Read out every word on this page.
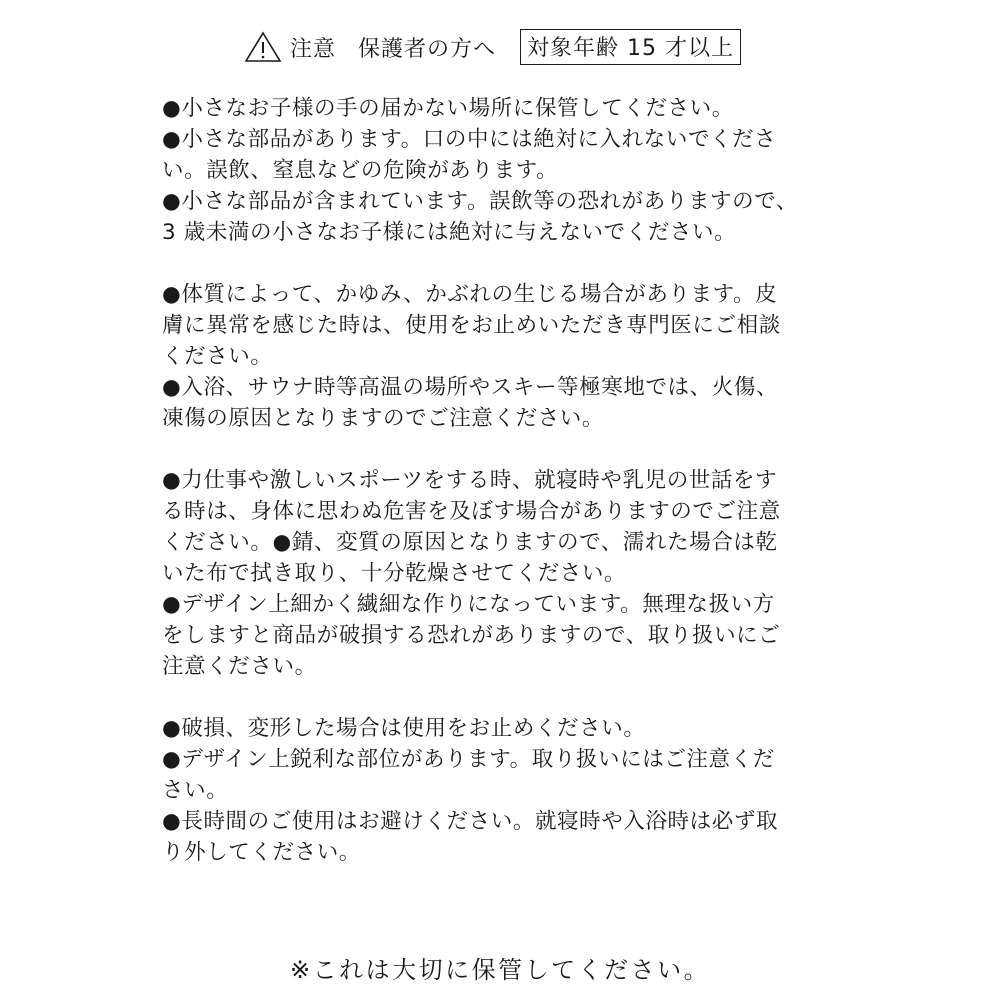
注意 保護者の方へ	対象年齢 15 才以上
●小さなお子様の手の届かない場所に保管してください。
●小さな部品があります。口の中には絶対に入れないでくださ
い。誤飲、窒息などの危険があります。
●小さな部品が含まれています。誤飲等の恐れがありますので、
3 歳未満の小さなお子様には絶対に与えないでください。
●体質によって、かゆみ、かぶれの生じる場合があります。皮
膚に異常を感じた時は、使用をお止めいただき専門医にご相談
ください。
●入浴、サウナ時等高温の場所やスキー等極寒地では、火傷、
凍傷の原因となりますのでご注意ください。
●力仕事や激しいスポーツをする時、就寝時や乳児の世話をす
る時は、身体に思わぬ危害を及ぼす場合がありますのでご注意
ください。●錆、変質の原因となりますので、濡れた場合は乾
いた布で拭き取り、十分乾燥させてください。
●デザイン上細かく繊細な作りになっています。無理な扱い方
をしますと商品が破損する恐れがありますので、取り扱いにご
注意ください。
●破損、変形した場合は使用をお止めください。
●デザイン上鋭利な部位があります。取り扱いにはご注意くだ
さい。
●長時間のご使用はお避けください。就寝時や入浴時は必ず取
り外してください。
※これは大切に保管してください。
